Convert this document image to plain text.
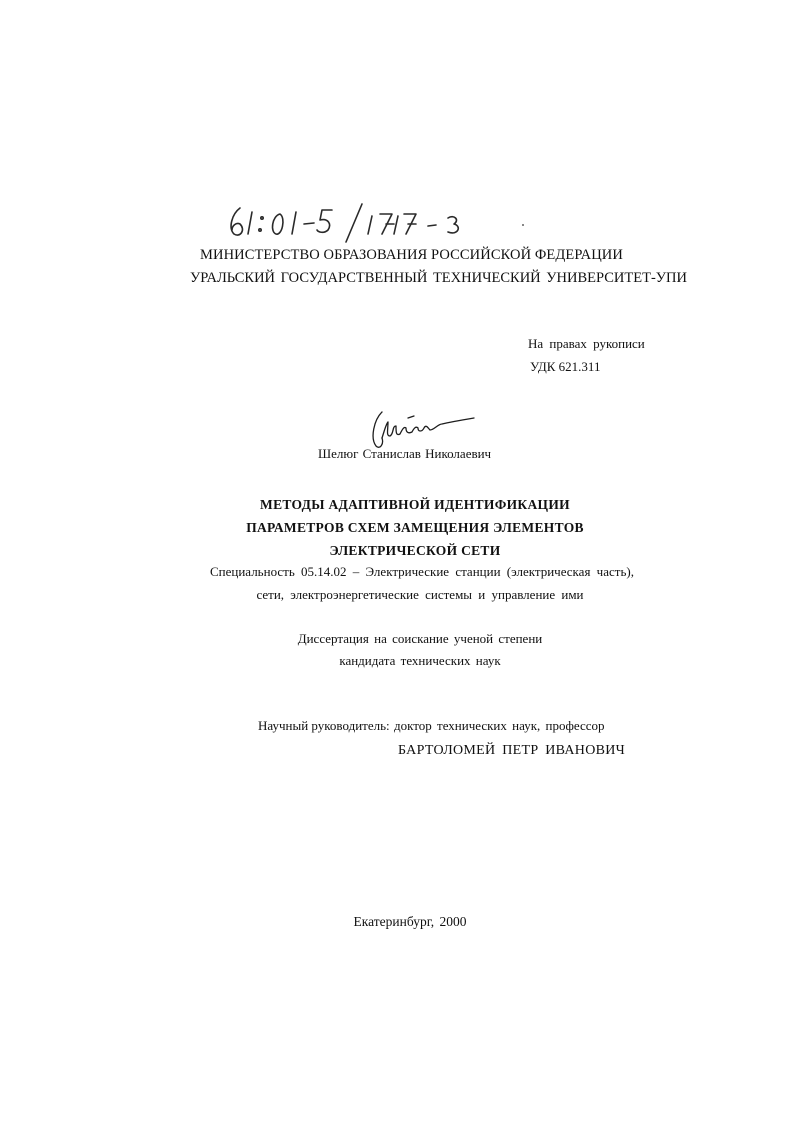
МИНИСТЕРСТВО ОБРАЗОВАНИЯ РОССИЙСКОЙ ФЕДЕРАЦИИ
УРАЛЬСКИЙ ГОСУДАРСТВЕННЫЙ ТЕХНИЧЕСКИЙ УНИВЕРСИТЕТ-УПИ
На правах рукописи
УДК 621.311
Шелюг Станислав Николаевич
МЕТОДЫ АДАПТИВНОЙ ИДЕНТИФИКАЦИИ
ПАРАМЕТРОВ СХЕМ ЗАМЕЩЕНИЯ ЭЛЕМЕНТОВ
ЭЛЕКТРИЧЕСКОЙ СЕТИ
Специальность 05.14.02 – Электрические станции (электрическая часть),
сети, электроэнергетические системы и управление ими
Диссертация на соискание ученой степени
кандидата технических наук
Научный руководитель: доктор технических наук, профессор
БАРТОЛОМЕЙ ПЕТР ИВАНОВИЧ
Екатеринбург, 2000
